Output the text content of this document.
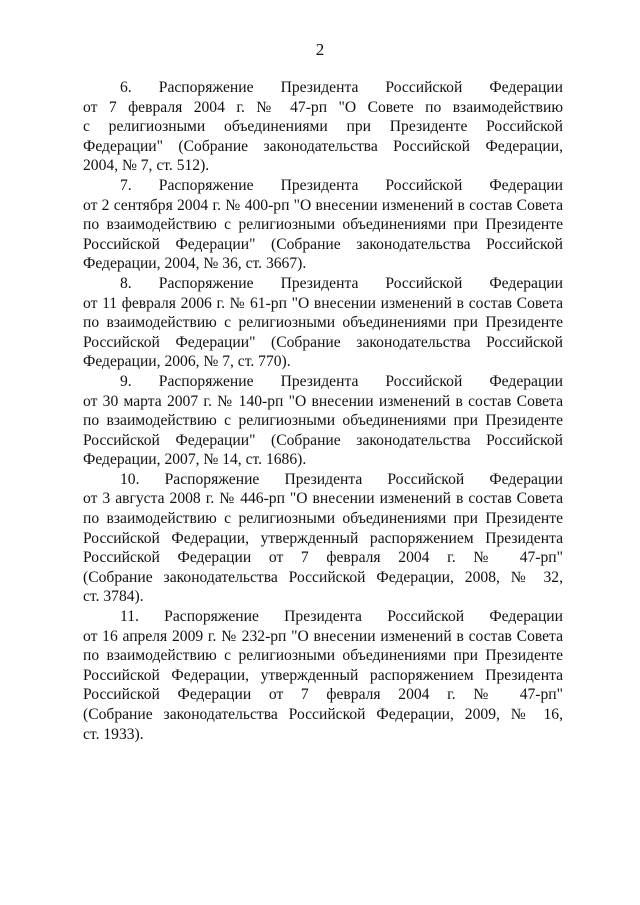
2
6. Распоряжение Президента Российской Федерации
от 7 февраля 2004 г. № 47-рп "О Совете по взаимодействию
с религиозными объединениями при Президенте Российской
Федерации" (Собрание законодательства Российской Федерации,
2004, № 7, ст. 512).
7. Распоряжение Президента Российской Федерации
от 2 сентября 2004 г. № 400-рп "О внесении изменений в состав Совета
по взаимодействию с религиозными объединениями при Президенте
Российской Федерации" (Собрание законодательства Российской
Федерации, 2004, № 36, ст. 3667).
8. Распоряжение Президента Российской Федерации
от 11 февраля 2006 г. № 61-рп "О внесении изменений в состав Совета
по взаимодействию с религиозными объединениями при Президенте
Российской Федерации" (Собрание законодательства Российской
Федерации, 2006, № 7, ст. 770).
9. Распоряжение Президента Российской Федерации
от 30 марта 2007 г. № 140-рп "О внесении изменений в состав Совета
по взаимодействию с религиозными объединениями при Президенте
Российской Федерации" (Собрание законодательства Российской
Федерации, 2007, № 14, ст. 1686).
10. Распоряжение Президента Российской Федерации
от 3 августа 2008 г. № 446-рп "О внесении изменений в состав Совета
по взаимодействию с религиозными объединениями при Президенте
Российской Федерации, утвержденный распоряжением Президента
Российской Федерации от 7 февраля 2004 г. № 47-рп"
(Собрание законодательства Российской Федерации, 2008, № 32,
ст. 3784).
11. Распоряжение Президента Российской Федерации
от 16 апреля 2009 г. № 232-рп "О внесении изменений в состав Совета
по взаимодействию с религиозными объединениями при Президенте
Российской Федерации, утвержденный распоряжением Президента
Российской Федерации от 7 февраля 2004 г. № 47-рп"
(Собрание законодательства Российской Федерации, 2009, № 16,
ст. 1933).
